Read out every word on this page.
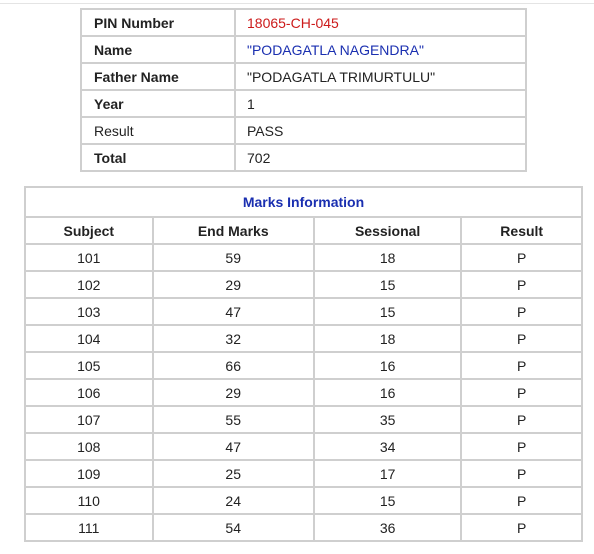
PIN Number	18065-CH-045
Name	"PODAGATLA NAGENDRA"
Father Name	"PODAGATLA TRIMURTULU"
Year	1
Result	PASS
Total	702
Marks Information			
Subject	End Marks	Sessional	Result
101	59	18	P
102	29	15	P
103	47	15	P
104	32	18	P
105	66	16	P
106	29	16	P
107	55	35	P
108	47	34	P
109	25	17	P
110	24	15	P
111	54	36	P
